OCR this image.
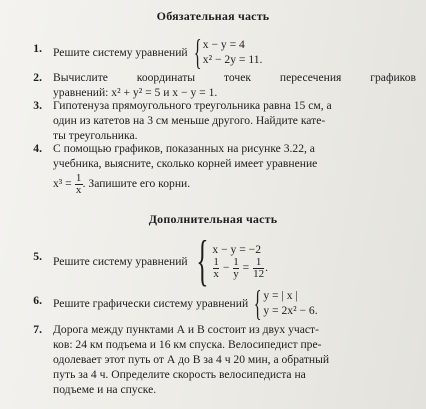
Обязательная часть
1. Решите систему уравнений { x − y = 4
x² − 2y = 11.
2. Вычислите координаты точек пересечения графиков
уравнений: x² + y² = 5 и x − y = 1.
3. Гипотенуза прямоугольного треугольника равна 15 см, а
один из катетов на 3 см меньше другого. Найдите кате-
ты треугольника.
4. С помощью графиков, показанных на рисунке 3.22, а
учебника, выясните, сколько корней имеет уравнение
$x^3 = \frac{1}{x}$ . Запишите его корни.
Дополнительная часть
5. Решите систему уравнений { x − y = −2
$\frac{1}{x} - \frac{1}{y} = \frac{1}{12}$ .
6. Решите графически систему уравнений { y = | x |
y = 2x² − 6.
7. Дорога между пунктами А и В состоит из двух участ-
ков: 24 км подъема и 16 км спуска. Велосипедист пре-
одолевает этот путь от А до В за 4 ч 20 мин, а обратный
путь за 4 ч. Определите скорость велосипедиста на
подъеме и на спуске.
